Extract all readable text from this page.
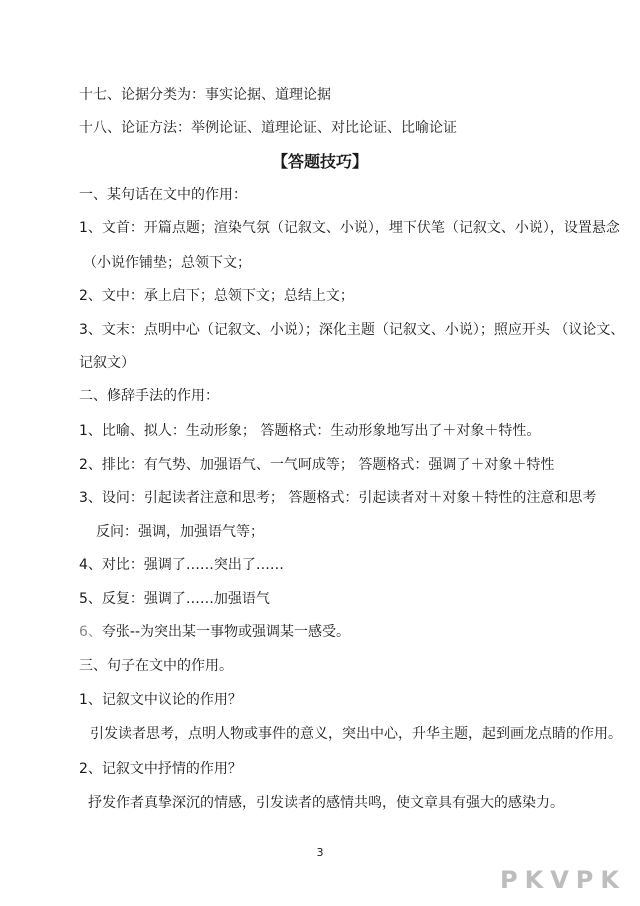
十七、论据分类为：事实论据、道理论据
十八、论证方法：举例论证、道理论证、对比论证、比喻论证
【答题技巧】
一、某句话在文中的作用：
1、文首：开篇点题；渲染气氛（记叙文、小说），埋下伏笔（记叙文、小说），设置悬念
（小说作铺垫；总领下文；
2、文中：承上启下；总领下文；总结上文；
3、文末：点明中心（记叙文、小说）；深化主题（记叙文、小说）；照应开头 （议论文、
记叙文）
二、修辞手法的作用：
1、比喻、拟人：生动形象； 答题格式：生动形象地写出了＋对象＋特性。
2、排比：有气势、加强语气、一气呵成等； 答题格式：强调了＋对象＋特性
3、设问：引起读者注意和思考； 答题格式：引起读者对＋对象＋特性的注意和思考
反问：强调，加强语气等；
4、对比：强调了……突出了……
5、反复：强调了……加强语气
6、夸张--为突出某一事物或强调某一感受。
三、句子在文中的作用。
1、记叙文中议论的作用？
引发读者思考，点明人物或事件的意义，突出中心，升华主题，起到画龙点睛的作用。
2、记叙文中抒情的作用？
抒发作者真挚深沉的情感，引发读者的感情共鸣，使文章具有强大的感染力。
3
PKVPK
